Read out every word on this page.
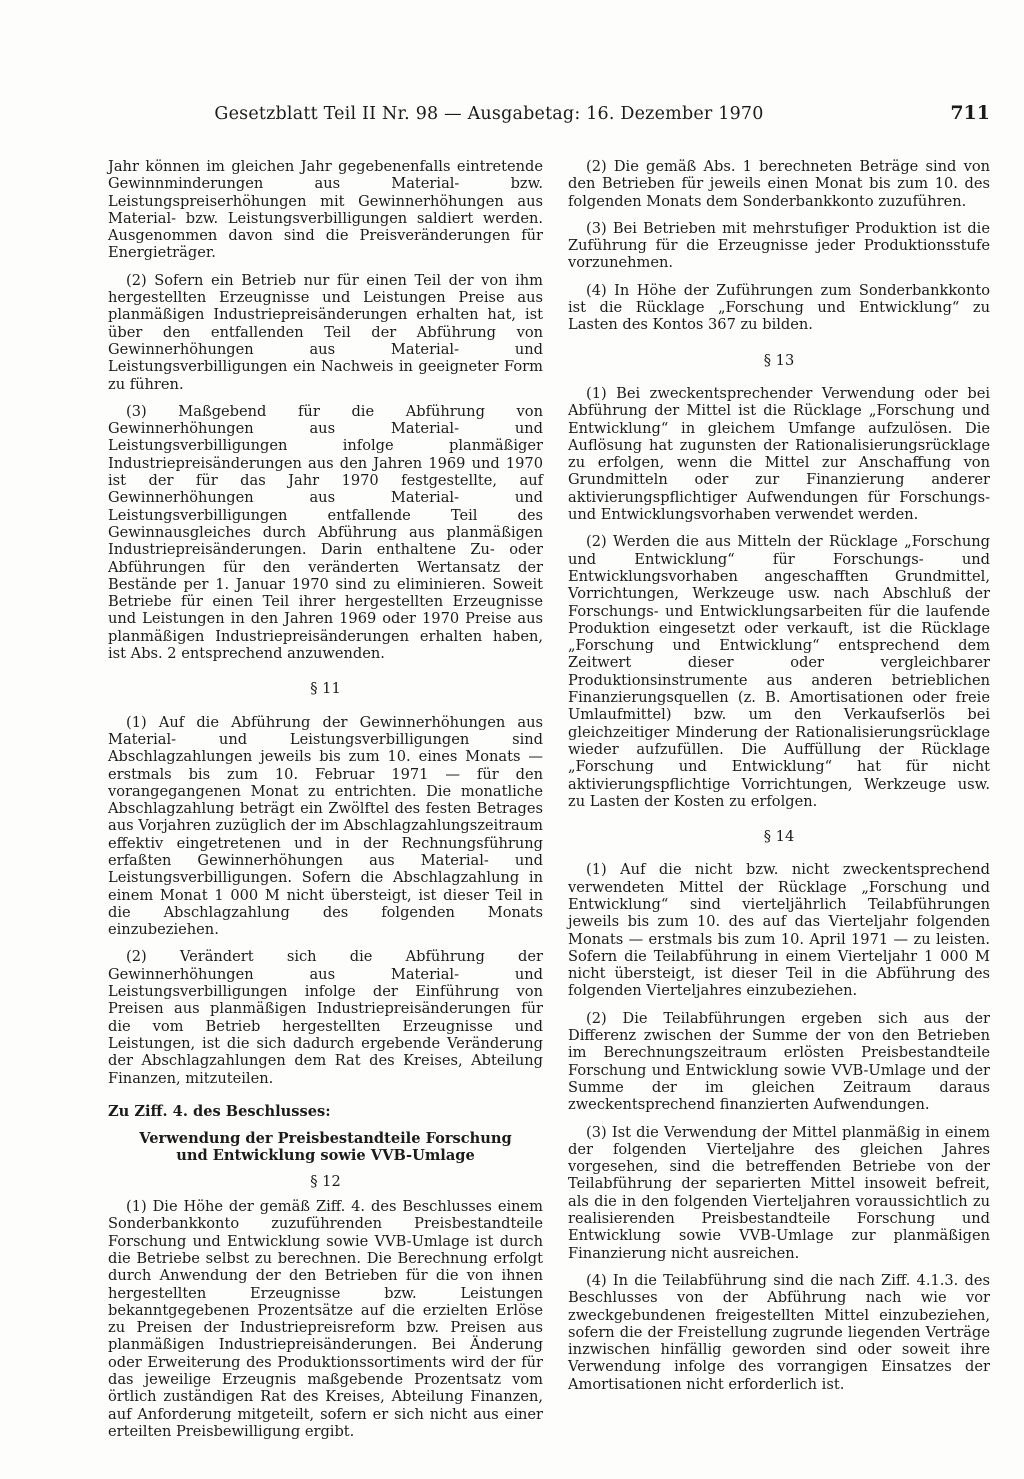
Gesetzblatt Teil II Nr. 98 — Ausgabetag: 16. Dezember 1970	711

Jahr können im gleichen Jahr gegebenenfalls eintretende Gewinnminderungen aus Material- bzw. Leistungspreiserhöhungen mit Gewinnerhöhungen aus Material- bzw. Leistungsverbilligungen saldiert werden. Ausgenommen davon sind die Preisveränderungen für Energieträger.

(2) Sofern ein Betrieb nur für einen Teil der von ihm hergestellten Erzeugnisse und Leistungen Preise aus planmäßigen Industriepreisänderungen erhalten hat, ist über den entfallenden Teil der Abführung von Gewinnerhöhungen aus Material- und Leistungsverbilligungen ein Nachweis in geeigneter Form zu führen.

(3) Maßgebend für die Abführung von Gewinnerhöhungen aus Material- und Leistungsverbilligungen infolge planmäßiger Industriepreisänderungen aus den Jahren 1969 und 1970 ist der für das Jahr 1970 festgestellte, auf Gewinnerhöhungen aus Material- und Leistungsverbilligungen entfallende Teil des Gewinnausgleiches durch Abführung aus planmäßigen Industriepreisänderungen. Darin enthaltene Zu- oder Abführungen für den veränderten Wertansatz der Bestände per 1. Januar 1970 sind zu eliminieren. Soweit Betriebe für einen Teil ihrer hergestellten Erzeugnisse und Leistungen in den Jahren 1969 oder 1970 Preise aus planmäßigen Industriepreisänderungen erhalten haben, ist Abs. 2 entsprechend anzuwenden.

§ 11

(1) Auf die Abführung der Gewinnerhöhungen aus Material- und Leistungsverbilligungen sind Abschlagzahlungen jeweils bis zum 10. eines Monats — erstmals bis zum 10. Februar 1971 — für den vorangegangenen Monat zu entrichten. Die monatliche Abschlagzahlung beträgt ein Zwölftel des festen Betrages aus Vorjahren zuzüglich der im Abschlagzahlungszeitraum effektiv eingetretenen und in der Rechnungsführung erfaßten Gewinnerhöhungen aus Material- und Leistungsverbilligungen. Sofern die Abschlagzahlung in einem Monat 1 000 M nicht übersteigt, ist dieser Teil in die Abschlagzahlung des folgenden Monats einzubeziehen.

(2) Verändert sich die Abführung der Gewinnerhöhungen aus Material- und Leistungsverbilligungen infolge der Einführung von Preisen aus planmäßigen Industriepreisänderungen für die vom Betrieb hergestellten Erzeugnisse und Leistungen, ist die sich dadurch ergebende Veränderung der Abschlagzahlungen dem Rat des Kreises, Abteilung Finanzen, mitzuteilen.

Zu Ziff. 4. des Beschlusses:
Verwendung der Preisbestandteile Forschung
und Entwicklung sowie VVB-Umlage
§ 12

(1) Die Höhe der gemäß Ziff. 4. des Beschlusses einem Sonderbankkonto zuzuführenden Preisbestandteile Forschung und Entwicklung sowie VVB-Umlage ist durch die Betriebe selbst zu berechnen. Die Berechnung erfolgt durch Anwendung der den Betrieben für die von ihnen hergestellten Erzeugnisse bzw. Leistungen bekanntgegebenen Prozentsätze auf die erzielten Erlöse zu Preisen der Industriepreisreform bzw. Preisen aus planmäßigen Industriepreisänderungen. Bei Änderung oder Erweiterung des Produktionssortiments wird der für das jeweilige Erzeugnis maßgebende Prozentsatz vom örtlich zuständigen Rat des Kreises, Abteilung Finanzen, auf Anforderung mitgeteilt, sofern er sich nicht aus einer erteilten Preisbewilligung ergibt.

(2) Die gemäß Abs. 1 berechneten Beträge sind von den Betrieben für jeweils einen Monat bis zum 10. des folgenden Monats dem Sonderbankkonto zuzuführen.

(3) Bei Betrieben mit mehrstufiger Produktion ist die Zuführung für die Erzeugnisse jeder Produktionsstufe vorzunehmen.

(4) In Höhe der Zuführungen zum Sonderbankkonto ist die Rücklage „Forschung und Entwicklung“ zu Lasten des Kontos 367 zu bilden.

§ 13

(1) Bei zweckentsprechender Verwendung oder bei Abführung der Mittel ist die Rücklage „Forschung und Entwicklung“ in gleichem Umfange aufzulösen. Die Auflösung hat zugunsten der Rationalisierungsrücklage zu erfolgen, wenn die Mittel zur Anschaffung von Grundmitteln oder zur Finanzierung anderer aktivierungspflichtiger Aufwendungen für Forschungs- und Entwicklungsvorhaben verwendet werden.

(2) Werden die aus Mitteln der Rücklage „Forschung und Entwicklung“ für Forschungs- und Entwicklungsvorhaben angeschafften Grundmittel, Vorrichtungen, Werkzeuge usw. nach Abschluß der Forschungs- und Entwicklungsarbeiten für die laufende Produktion eingesetzt oder verkauft, ist die Rücklage „Forschung und Entwicklung“ entsprechend dem Zeitwert dieser oder vergleichbarer Produktionsinstrumente aus anderen betrieblichen Finanzierungsquellen (z. B. Amortisationen oder freie Umlaufmittel) bzw. um den Verkaufserlös bei gleichzeitiger Minderung der Rationalisierungsrücklage wieder aufzufüllen. Die Auffüllung der Rücklage „Forschung und Entwicklung“ hat für nicht aktivierungspflichtige Vorrichtungen, Werkzeuge usw. zu Lasten der Kosten zu erfolgen.

§ 14

(1) Auf die nicht bzw. nicht zweckentsprechend verwendeten Mittel der Rücklage „Forschung und Entwicklung“ sind vierteljährlich Teilabführungen jeweils bis zum 10. des auf das Vierteljahr folgenden Monats — erstmals bis zum 10. April 1971 — zu leisten. Sofern die Teilabführung in einem Vierteljahr 1 000 M nicht übersteigt, ist dieser Teil in die Abführung des folgenden Vierteljahres einzubeziehen.

(2) Die Teilabführungen ergeben sich aus der Differenz zwischen der Summe der von den Betrieben im Berechnungszeitraum erlösten Preisbestandteile Forschung und Entwicklung sowie VVB-Umlage und der Summe der im gleichen Zeitraum daraus zweckentsprechend finanzierten Aufwendungen.

(3) Ist die Verwendung der Mittel planmäßig in einem der folgenden Vierteljahre des gleichen Jahres vorgesehen, sind die betreffenden Betriebe von der Teilabführung der separierten Mittel insoweit befreit, als die in den folgenden Vierteljahren voraussichtlich zu realisierenden Preisbestandteile Forschung und Entwicklung sowie VVB-Umlage zur planmäßigen Finanzierung nicht ausreichen.

(4) In die Teilabführung sind die nach Ziff. 4.1.3. des Beschlusses von der Abführung nach wie vor zweckgebundenen freigestellten Mittel einzubeziehen, sofern die der Freistellung zugrunde liegenden Verträge inzwischen hinfällig geworden sind oder soweit ihre Verwendung infolge des vorrangigen Einsatzes der Amortisationen nicht erforderlich ist.
